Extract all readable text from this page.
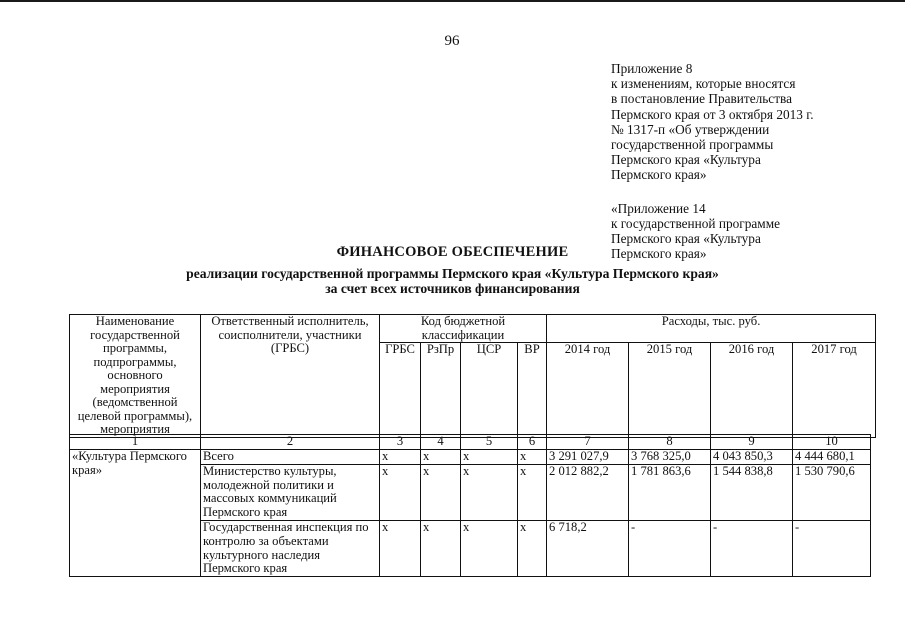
96
Приложение 8
к изменениям, которые вносятся
в постановление Правительства
Пермского края от 3 октября 2013 г.
№ 1317-п «Об утверждении
государственной программы
Пермского края «Культура
Пермского края»
«Приложение 14
к государственной программе
Пермского края «Культура
Пермского края»
ФИНАНСОВОЕ ОБЕСПЕЧЕНИЕ
реализации государственной программы Пермского края «Культура Пермского края»
за счет всех источников финансирования
Наименование государственной программы, подпрограммы, основного мероприятия (ведомственной целевой программы), мероприятия	Ответственный исполнитель, соисполнители, участники (ГРБС)	Код бюджетной классификации				Расходы, тыс. руб.			
		ГРБС	РзПр	ЦСР	ВР	2014 год	2015 год	2016 год	2017 год
1	2	3	4	5	6	7	8	9	10
«Культура Пермского края»	Всего	x	x	x	x	3 291 027,9	3 768 325,0	4 043 850,3	4 444 680,1
	Министерство культуры, молодежной политики и массовых коммуникаций Пермского края	x	x	x	x	2 012 882,2	1 781 863,6	1 544 838,8	1 530 790,6
	Государственная инспекция по контролю за объектами культурного наследия Пермского края	x	x	x	x	6 718,2	-	-	-
